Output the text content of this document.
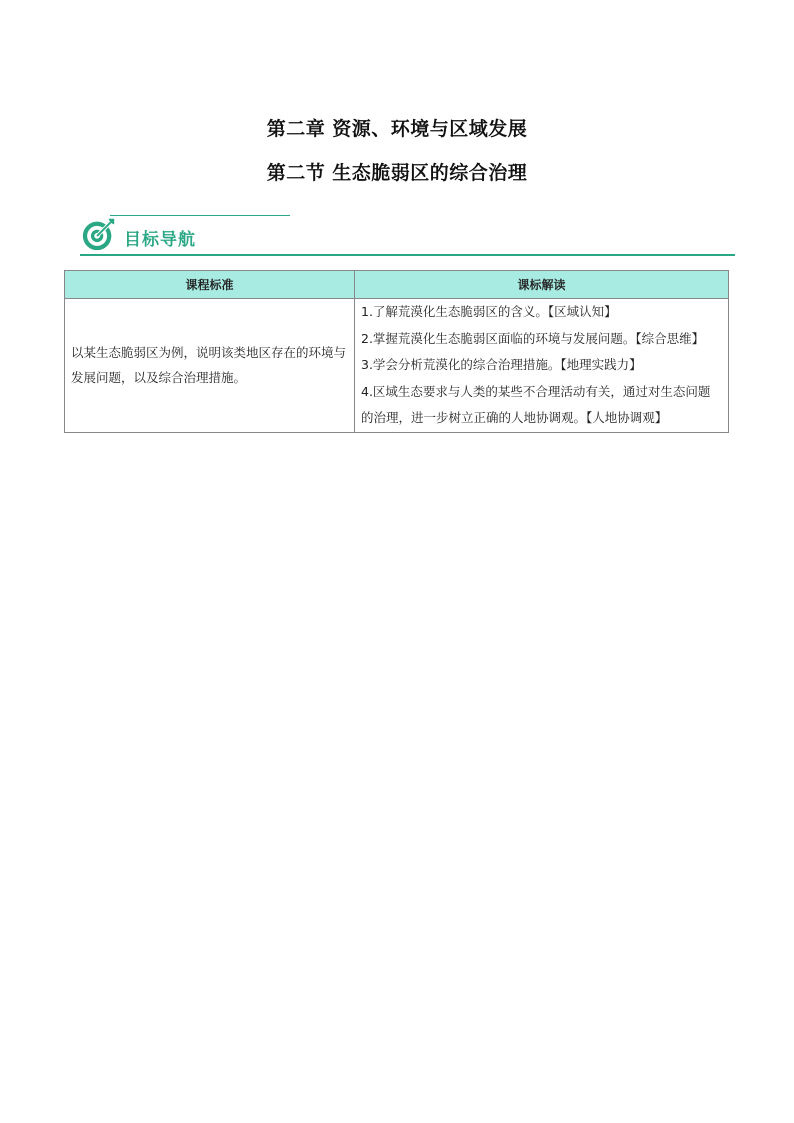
第二章 资源、环境与区域发展
第二节 生态脆弱区的综合治理
目标导航
课程标准	课标解读
以某生态脆弱区为例，说明该类地区存在的环境与发展问题，以及综合治理措施。	1.了解荒漠化生态脆弱区的含义。【区域认知】
2.掌握荒漠化生态脆弱区面临的环境与发展问题。【综合思维】
3.学会分析荒漠化的综合治理措施。【地理实践力】
4.区域生态要求与人类的某些不合理活动有关，通过对生态问题的治理，进一步树立正确的人地协调观。【人地协调观】
